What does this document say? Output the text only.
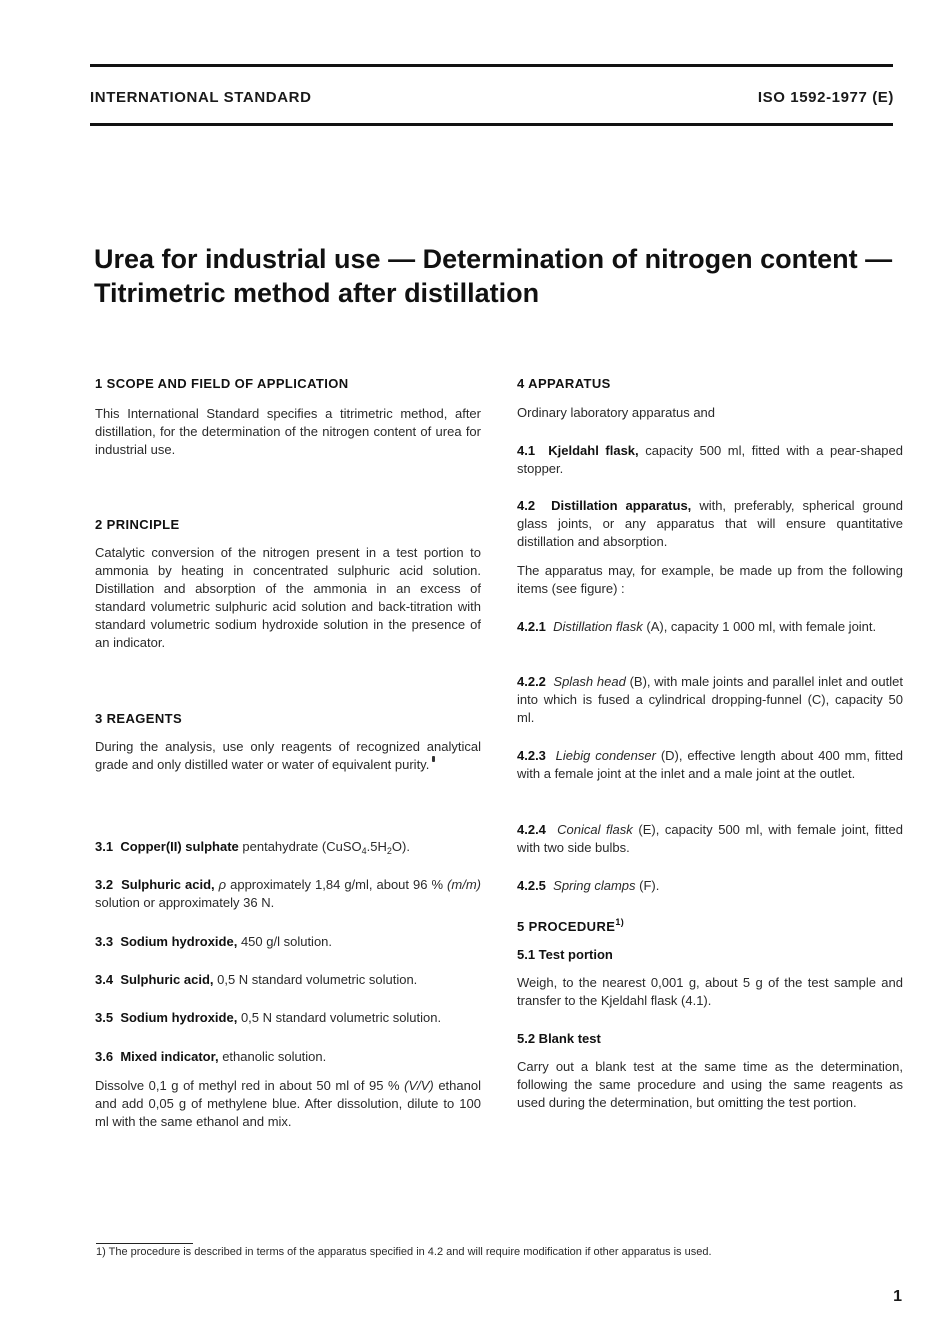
INTERNATIONAL STANDARD	ISO 1592-1977 (E)
Urea for industrial use — Determination of nitrogen content —
Titrimetric method after distillation

1 SCOPE AND FIELD OF APPLICATION

This International Standard specifies a titrimetric method, after distillation, for the determination of the nitrogen content of urea for industrial use.

2 PRINCIPLE

Catalytic conversion of the nitrogen present in a test portion to ammonia by heating in concentrated sulphuric acid solution. Distillation and absorption of the ammonia in an excess of standard volumetric sulphuric acid solution and back-titration with standard volumetric sodium hydroxide solution in the presence of an indicator.

3 REAGENTS

During the analysis, use only reagents of recognized analytical grade and only distilled water or water of equivalent purity.

3.1 Copper(II) sulphate pentahydrate $(CuSO_4.5H_2O)$.

3.2 Sulphuric acid, ρ approximately 1,84 g/ml, about 96 % (m/m) solution or approximately 36 N.

3.3 Sodium hydroxide, 450 g/l solution.

3.4 Sulphuric acid, 0,5 N standard volumetric solution.

3.5 Sodium hydroxide, 0,5 N standard volumetric solution.

3.6 Mixed indicator, ethanolic solution.

Dissolve 0,1 g of methyl red in about 50 ml of 95 % (V/V) ethanol and add 0,05 g of methylene blue. After dissolution, dilute to 100 ml with the same ethanol and mix.

4 APPARATUS

Ordinary laboratory apparatus and

4.1 Kjeldahl flask, capacity 500 ml, fitted with a pear-shaped stopper.

4.2 Distillation apparatus, with, preferably, spherical ground glass joints, or any apparatus that will ensure quantitative distillation and absorption.

The apparatus may, for example, be made up from the following items (see figure) :

4.2.1 Distillation flask (A), capacity 1 000 ml, with female joint.

4.2.2 Splash head (B), with male joints and parallel inlet and outlet into which is fused a cylindrical dropping-funnel (C), capacity 50 ml.

4.2.3 Liebig condenser (D), effective length about 400 mm, fitted with a female joint at the inlet and a male joint at the outlet.

4.2.4 Conical flask (E), capacity 500 ml, with female joint, fitted with two side bulbs.

4.2.5 Spring clamps (F).

5 PROCEDURE$^{1)}$

5.1 Test portion

Weigh, to the nearest 0,001 g, about 5 g of the test sample and transfer to the Kjeldahl flask (4.1).

5.2 Blank test

Carry out a blank test at the same time as the determination, following the same procedure and using the same reagents as used during the determination, but omitting the test portion.

1) The procedure is described in terms of the apparatus specified in 4.2 and will require modification if other apparatus is used.
1
